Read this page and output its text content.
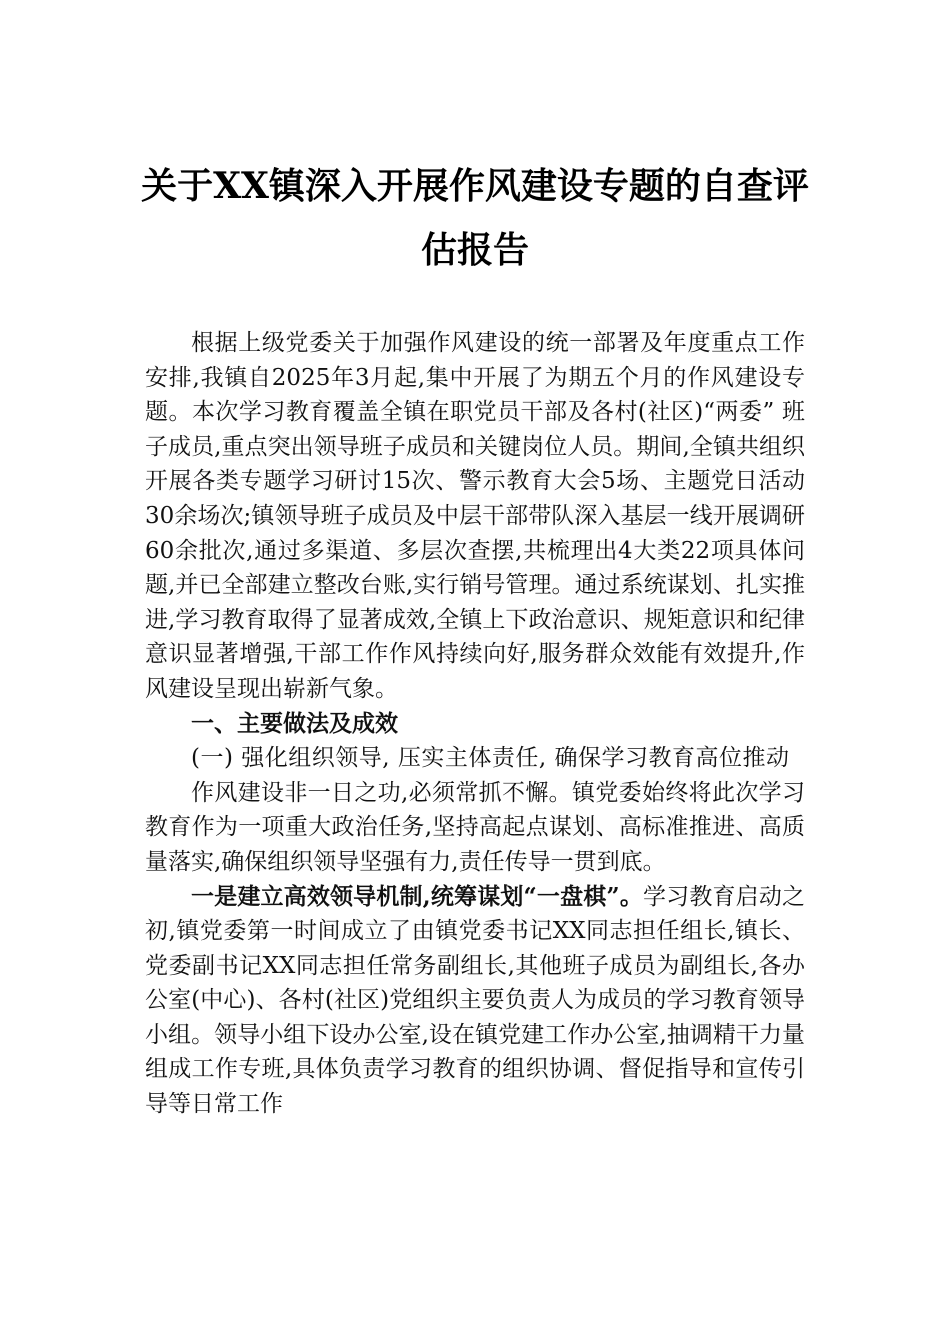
关于XX镇深入开展作风建设专题的自查评
估报告

根据上级党委关于加强作风建设的统一部署及年度重点工作安排,我镇自2025年3月起,集中开展了为期五个月的作风建设专题。本次学习教育覆盖全镇在职党员干部及各村(社区)“两委” 班子成员,重点突出领导班子成员和关键岗位人员。期间,全镇共组织开展各类专题学习研讨15次、警示教育大会5场、主题党日活动30余场次;镇领导班子成员及中层干部带队深入基层一线开展调研60余批次,通过多渠道、多层次查摆,共梳理出4大类22项具体问题,并已全部建立整改台账,实行销号管理。通过系统谋划、扎实推进,学习教育取得了显著成效,全镇上下政治意识、规矩意识和纪律意识显著增强,干部工作作风持续向好,服务群众效能有效提升,作风建设呈现出崭新气象。

一、主要做法及成效

(一) 强化组织领导, 压实主体责任, 确保学习教育高位推动

作风建设非一日之功,必须常抓不懈。镇党委始终将此次学习教育作为一项重大政治任务,坚持高起点谋划、高标准推进、高质量落实,确保组织领导坚强有力,责任传导一贯到底。

一是建立高效领导机制,统筹谋划“一盘棋”。学习教育启动之初,镇党委第一时间成立了由镇党委书记XX同志担任组长,镇长、党委副书记XX同志担任常务副组长,其他班子成员为副组长,各办公室(中心)、各村(社区)党组织主要负责人为成员的学习教育领导小组。领导小组下设办公室,设在镇党建工作办公室,抽调精干力量组成工作专班,具体负责学习教育的组织协调、督促指导和宣传引导等日常工作
